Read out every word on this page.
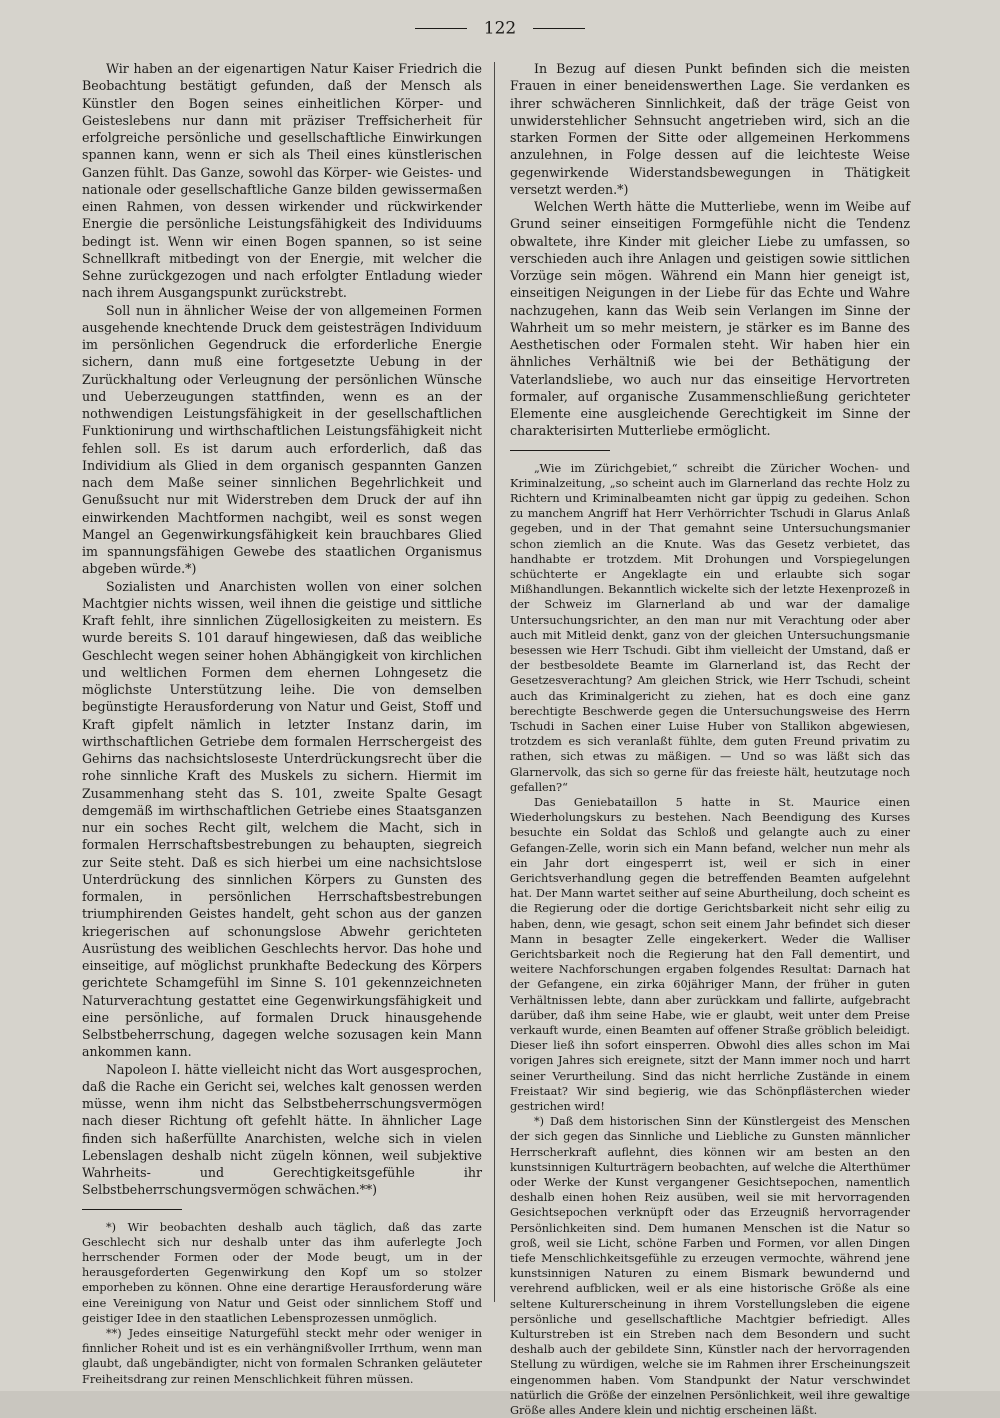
122

Wir haben an der eigenartigen Natur Kaiser Friedrich die Beobachtung bestätigt gefunden, daß der Mensch als Künstler den Bogen seines einheitlichen Körper- und Geisteslebens nur dann mit präziser Treffsicherheit für erfolgreiche persönliche und gesellschaftliche Einwirkungen spannen kann, wenn er sich als Theil eines künstlerischen Ganzen fühlt. Das Ganze, sowohl das Körper- wie Geistes- und nationale oder gesellschaftliche Ganze bilden gewissermaßen einen Rahmen, von dessen wirkender und rückwirkender Energie die persönliche Leistungsfähigkeit des Individuums bedingt ist. Wenn wir einen Bogen spannen, so ist seine Schnellkraft mitbedingt von der Energie, mit welcher die Sehne zurückgezogen und nach erfolgter Entladung wieder nach ihrem Ausgangspunkt zurückstrebt.

Soll nun in ähnlicher Weise der von allgemeinen Formen ausgehende knechtende Druck dem geistesträgen Individuum im persönlichen Gegendruck die erforderliche Energie sichern, dann muß eine fortgesetzte Uebung in der Zurückhaltung oder Verleugnung der persönlichen Wünsche und Ueberzeugungen stattfinden, wenn es an der nothwendigen Leistungsfähigkeit in der gesellschaftlichen Funktionirung und wirthschaftlichen Leistungsfähigkeit nicht fehlen soll. Es ist darum auch erforderlich, daß das Individium als Glied in dem organisch gespannten Ganzen nach dem Maße seiner sinnlichen Begehrlichkeit und Genußsucht nur mit Widerstreben dem Druck der auf ihn einwirkenden Machtformen nachgibt, weil es sonst wegen Mangel an Gegenwirkungsfähigkeit kein brauchbares Glied im spannungsfähigen Gewebe des staatlichen Organismus abgeben würde.*)

Sozialisten und Anarchisten wollen von einer solchen Machtgier nichts wissen, weil ihnen die geistige und sittliche Kraft fehlt, ihre sinnlichen Zügellosigkeiten zu meistern. Es wurde bereits S. 101 darauf hingewiesen, daß das weibliche Geschlecht wegen seiner hohen Abhängigkeit von kirchlichen und weltlichen Formen dem ehernen Lohngesetz die möglichste Unterstützung leihe. Die von demselben begünstigte Herausforderung von Natur und Geist, Stoff und Kraft gipfelt nämlich in letzter Instanz darin, im wirthschaftlichen Getriebe dem formalen Herrschergeist des Gehirns das nachsichtsloseste Unterdrückungsrecht über die rohe sinnliche Kraft des Muskels zu sichern. Hiermit im Zusammenhang steht das S. 101, zweite Spalte Gesagt demgemäß im wirthschaftlichen Getriebe eines Staatsganzen nur ein soches Recht gilt, welchem die Macht, sich in formalen Herrschaftsbestrebungen zu behaupten, siegreich zur Seite steht. Daß es sich hierbei um eine nachsichtslose Unterdrückung des sinnlichen Körpers zu Gunsten des formalen, in persönlichen Herrschaftsbestrebungen triumphirenden Geistes handelt, geht schon aus der ganzen kriegerischen auf schonungslose Abwehr gerichteten Ausrüstung des weiblichen Geschlechts hervor. Das hohe und einseitige, auf möglichst prunkhafte Bedeckung des Körpers gerichtete Schamgefühl im Sinne S. 101 gekennzeichneten Naturverachtung gestattet eine Gegenwirkungsfähigkeit und eine persönliche, auf formalen Druck hinausgehende Selbstbeherrschung, dagegen welche sozusagen kein Mann ankommen kann.

Napoleon I. hätte vielleicht nicht das Wort ausgesprochen, daß die Rache ein Gericht sei, welches kalt genossen werden müsse, wenn ihm nicht das Selbstbeherrschungsvermögen nach dieser Richtung oft gefehlt hätte. In ähnlicher Lage finden sich haßerfüllte Anarchisten, welche sich in vielen Lebenslagen deshalb nicht zügeln können, weil subjektive Wahrheits- und Gerechtigkeitsgefühle ihr Selbstbeherrschungsvermögen schwächen.**)

*) Wir beobachten deshalb auch täglich, daß das zarte Geschlecht sich nur deshalb unter das ihm auferlegte Joch herrschender Formen oder der Mode beugt, um in der herausgeforderten Gegenwirkung den Kopf um so stolzer emporheben zu können. Ohne eine derartige Herausforderung wäre eine Vereinigung von Natur und Geist oder sinnlichem Stoff und geistiger Idee in den staatlichen Lebensprozessen unmöglich.

**) Jedes einseitige Naturgefühl steckt mehr oder weniger in finnlicher Roheit und ist es ein verhängnißvoller Irrthum, wenn man glaubt, daß ungebändigter, nicht von formalen Schranken geläuteter Freiheitsdrang zur reinen Menschlichkeit führen müssen.

In Bezug auf diesen Punkt befinden sich die meisten Frauen in einer beneidenswerthen Lage. Sie verdanken es ihrer schwächeren Sinnlichkeit, daß der träge Geist von unwiderstehlicher Sehnsucht angetrieben wird, sich an die starken Formen der Sitte oder allgemeinen Herkommens anzulehnen, in Folge dessen auf die leichteste Weise gegenwirkende Widerstandsbewegungen in Thätigkeit versetzt werden.*)

Welchen Werth hätte die Mutterliebe, wenn im Weibe auf Grund seiner einseitigen Formgefühle nicht die Tendenz obwaltete, ihre Kinder mit gleicher Liebe zu umfassen, so verschieden auch ihre Anlagen und geistigen sowie sittlichen Vorzüge sein mögen. Während ein Mann hier geneigt ist, einseitigen Neigungen in der Liebe für das Echte und Wahre nachzugehen, kann das Weib sein Verlangen im Sinne der Wahrheit um so mehr meistern, je stärker es im Banne des Aesthetischen oder Formalen steht. Wir haben hier ein ähnliches Verhältniß wie bei der Bethätigung der Vaterlandsliebe, wo auch nur das einseitige Hervortreten formaler, auf organische Zusammenschließung gerichteter Elemente eine ausgleichende Gerechtigkeit im Sinne der charakterisirten Mutterliebe ermöglicht.

„Wie im Zürichgebiet,“ schreibt die Züricher Wochen- und Kriminalzeitung, „so scheint auch im Glarnerland das rechte Holz zu Richtern und Kriminalbeamten nicht gar üppig zu gedeihen. Schon zu manchem Angriff hat Herr Verhörrichter Tschudi in Glarus Anlaß gegeben, und in der That gemahnt seine Untersuchungsmanier schon ziemlich an die Knute. Was das Gesetz verbietet, das handhabte er trotzdem. Mit Drohungen und Vorspiegelungen schüchterte er Angeklagte ein und erlaubte sich sogar Mißhandlungen. Bekanntlich wickelte sich der letzte Hexenprozeß in der Schweiz im Glarnerland ab und war der damalige Untersuchungsrichter, an den man nur mit Verachtung oder aber auch mit Mitleid denkt, ganz von der gleichen Untersuchungsmanie besessen wie Herr Tschudi. Gibt ihm vielleicht der Umstand, daß er der bestbesoldete Beamte im Glarnerland ist, das Recht der Gesetzesverachtung? Am gleichen Strick, wie Herr Tschudi, scheint auch das Kriminalgericht zu ziehen, hat es doch eine ganz berechtigte Beschwerde gegen die Untersuchungsweise des Herrn Tschudi in Sachen einer Luise Huber von Stallikon abgewiesen, trotzdem es sich veranlaßt fühlte, dem guten Freund privatim zu rathen, sich etwas zu mäßigen. — Und so was läßt sich das Glarnervolk, das sich so gerne für das freieste hält, heutzutage noch gefallen?“

Das Geniebataillon 5 hatte in St. Maurice einen Wiederholungskurs zu bestehen. Nach Beendigung des Kurses besuchte ein Soldat das Schloß und gelangte auch zu einer Gefangen-Zelle, worin sich ein Mann befand, welcher nun mehr als ein Jahr dort eingesperrt ist, weil er sich in einer Gerichtsverhandlung gegen die betreffenden Beamten aufgelehnt hat. Der Mann wartet seither auf seine Aburtheilung, doch scheint es die Regierung oder die dortige Gerichtsbarkeit nicht sehr eilig zu haben, denn, wie gesagt, schon seit einem Jahr befindet sich dieser Mann in besagter Zelle eingekerkert. Weder die Walliser Gerichtsbarkeit noch die Regierung hat den Fall dementirt, und weitere Nachforschungen ergaben folgendes Resultat: Darnach hat der Gefangene, ein zirka 60jähriger Mann, der früher in guten Verhältnissen lebte, dann aber zurückkam und fallirte, aufgebracht darüber, daß ihm seine Habe, wie er glaubt, weit unter dem Preise verkauft wurde, einen Beamten auf offener Straße gröblich beleidigt. Dieser ließ ihn sofort einsperren. Obwohl dies alles schon im Mai vorigen Jahres sich ereignete, sitzt der Mann immer noch und harrt seiner Verurtheilung. Sind das nicht herrliche Zustände in einem Freistaat? Wir sind begierig, wie das Schönpflästerchen wieder gestrichen wird!

*) Daß dem historischen Sinn der Künstlergeist des Menschen der sich gegen das Sinnliche und Liebliche zu Gunsten männlicher Herrscherkraft auflehnt, dies können wir am besten an den kunstsinnigen Kulturträgern beobachten, auf welche die Alterthümer oder Werke der Kunst vergangener Gesichtsepochen, namentlich deshalb einen hohen Reiz ausüben, weil sie mit hervorragenden Gesichtsepochen verknüpft oder das Erzeugniß hervorragender Persönlichkeiten sind. Dem humanen Menschen ist die Natur so groß, weil sie Licht, schöne Farben und Formen, vor allen Dingen tiefe Menschlichkeitsgefühle zu erzeugen vermochte, während jene kunstsinnigen Naturen zu einem Bismark bewundernd und verehrend aufblicken, weil er als eine historische Größe als eine seltene Kulturerscheinung in ihrem Vorstellungsleben die eigene persönliche und gesellschaftliche Machtgier befriedigt. Alles Kulturstreben ist ein Streben nach dem Besondern und sucht deshalb auch der gebildete Sinn, Künstler nach der hervorragenden Stellung zu würdigen, welche sie im Rahmen ihrer Erscheinungszeit eingenommen haben. Vom Standpunkt der Natur verschwindet natürlich die Größe der einzelnen Persönlichkeit, weil ihre gewaltige Größe alles Andere klein und nichtig erscheinen läßt.
